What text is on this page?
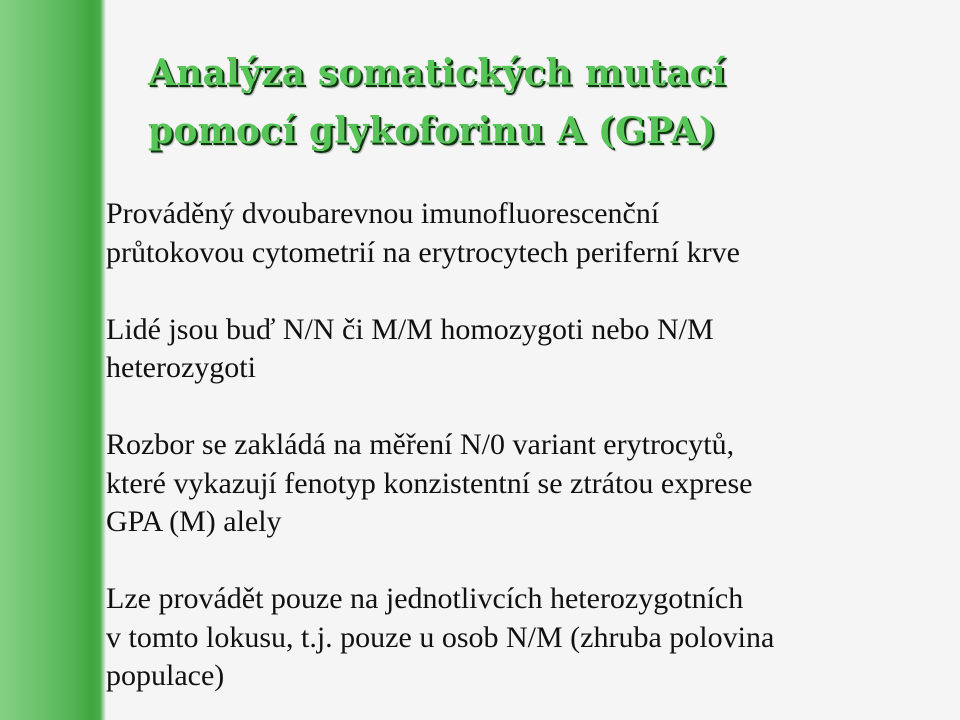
Analýza somatických mutací
pomocí glykoforinu A (GPA)
Prováděný dvoubarevnou imunofluorescenční
průtokovou cytometrií na erytrocytech periferní krve
Lidé jsou buď N/N či M/M homozygoti nebo N/M
heterozygoti
Rozbor se zakládá na měření N/0 variant erytrocytů,
které vykazují fenotyp konzistentní se ztrátou exprese
GPA (M) alely
Lze provádět pouze na jednotlivcích heterozygotních
v tomto lokusu, t.j. pouze u osob N/M (zhruba polovina
populace)
